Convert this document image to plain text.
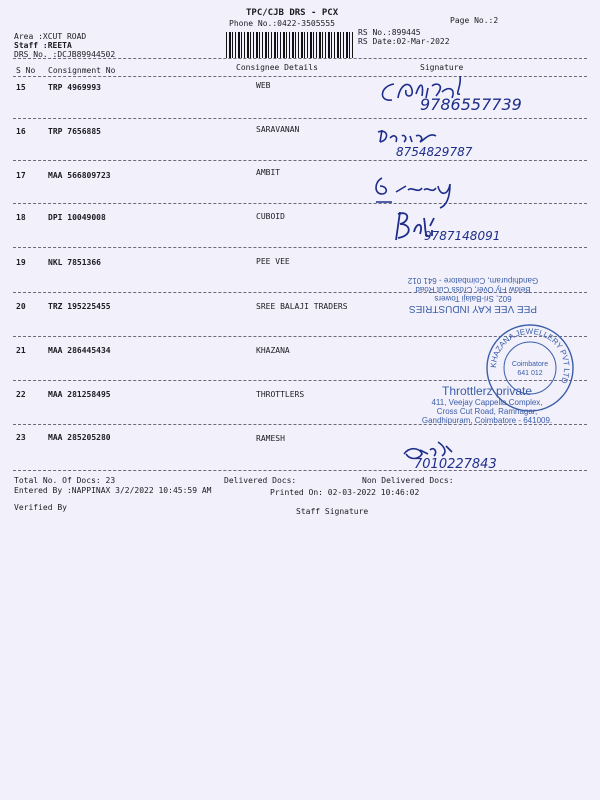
TPC/CJB DRS - PCX
Phone No.:0422-3505555	Page No.:2
Area :XCUT ROAD
Staff :REETA
DRS No. :DCJB89944502
RS No.:899445
RS Date:02-Mar-2022
S No Consignment No	Consignee Details	Signature
15	TRP 4969993	WEB
16	TRP 7656885	SARAVANAN
17	MAA 566809723	AMBIT
18	DPI 10049008	CUBOID
19	NKL 7851366	PEE VEE
20	TRZ 195225455	SREE BALAJI TRADERS
21	MAA 286445434	KHAZANA
22	MAA 281258495	THROTTLERS
23	MAA 285205280	RAMESH
9786557739
8754829787
9787148091
7010227843
PEE VEE KAY INDUSTRIES
602, Sri-Balaji Towers
Below Fly Over, Cross Cut Road
Gandhipuram, Coimbatore - 641 012
KHAZANA JEWELLERY PVT LTD
Coimbatore
641 012
Throttlerz private
411, Veejay Cappella Complex,
Cross Cut Road, Ramnagar,
Gandhipuram, Coimbatore - 641009.
Total No. Of Docs: 23	Delivered Docs:	Non Delivered Docs:
Entered By :NAPPINAX 3/2/2022 10:45:59 AM	Printed On: 02-03-2022 10:46:02
Verified By	Staff Signature
